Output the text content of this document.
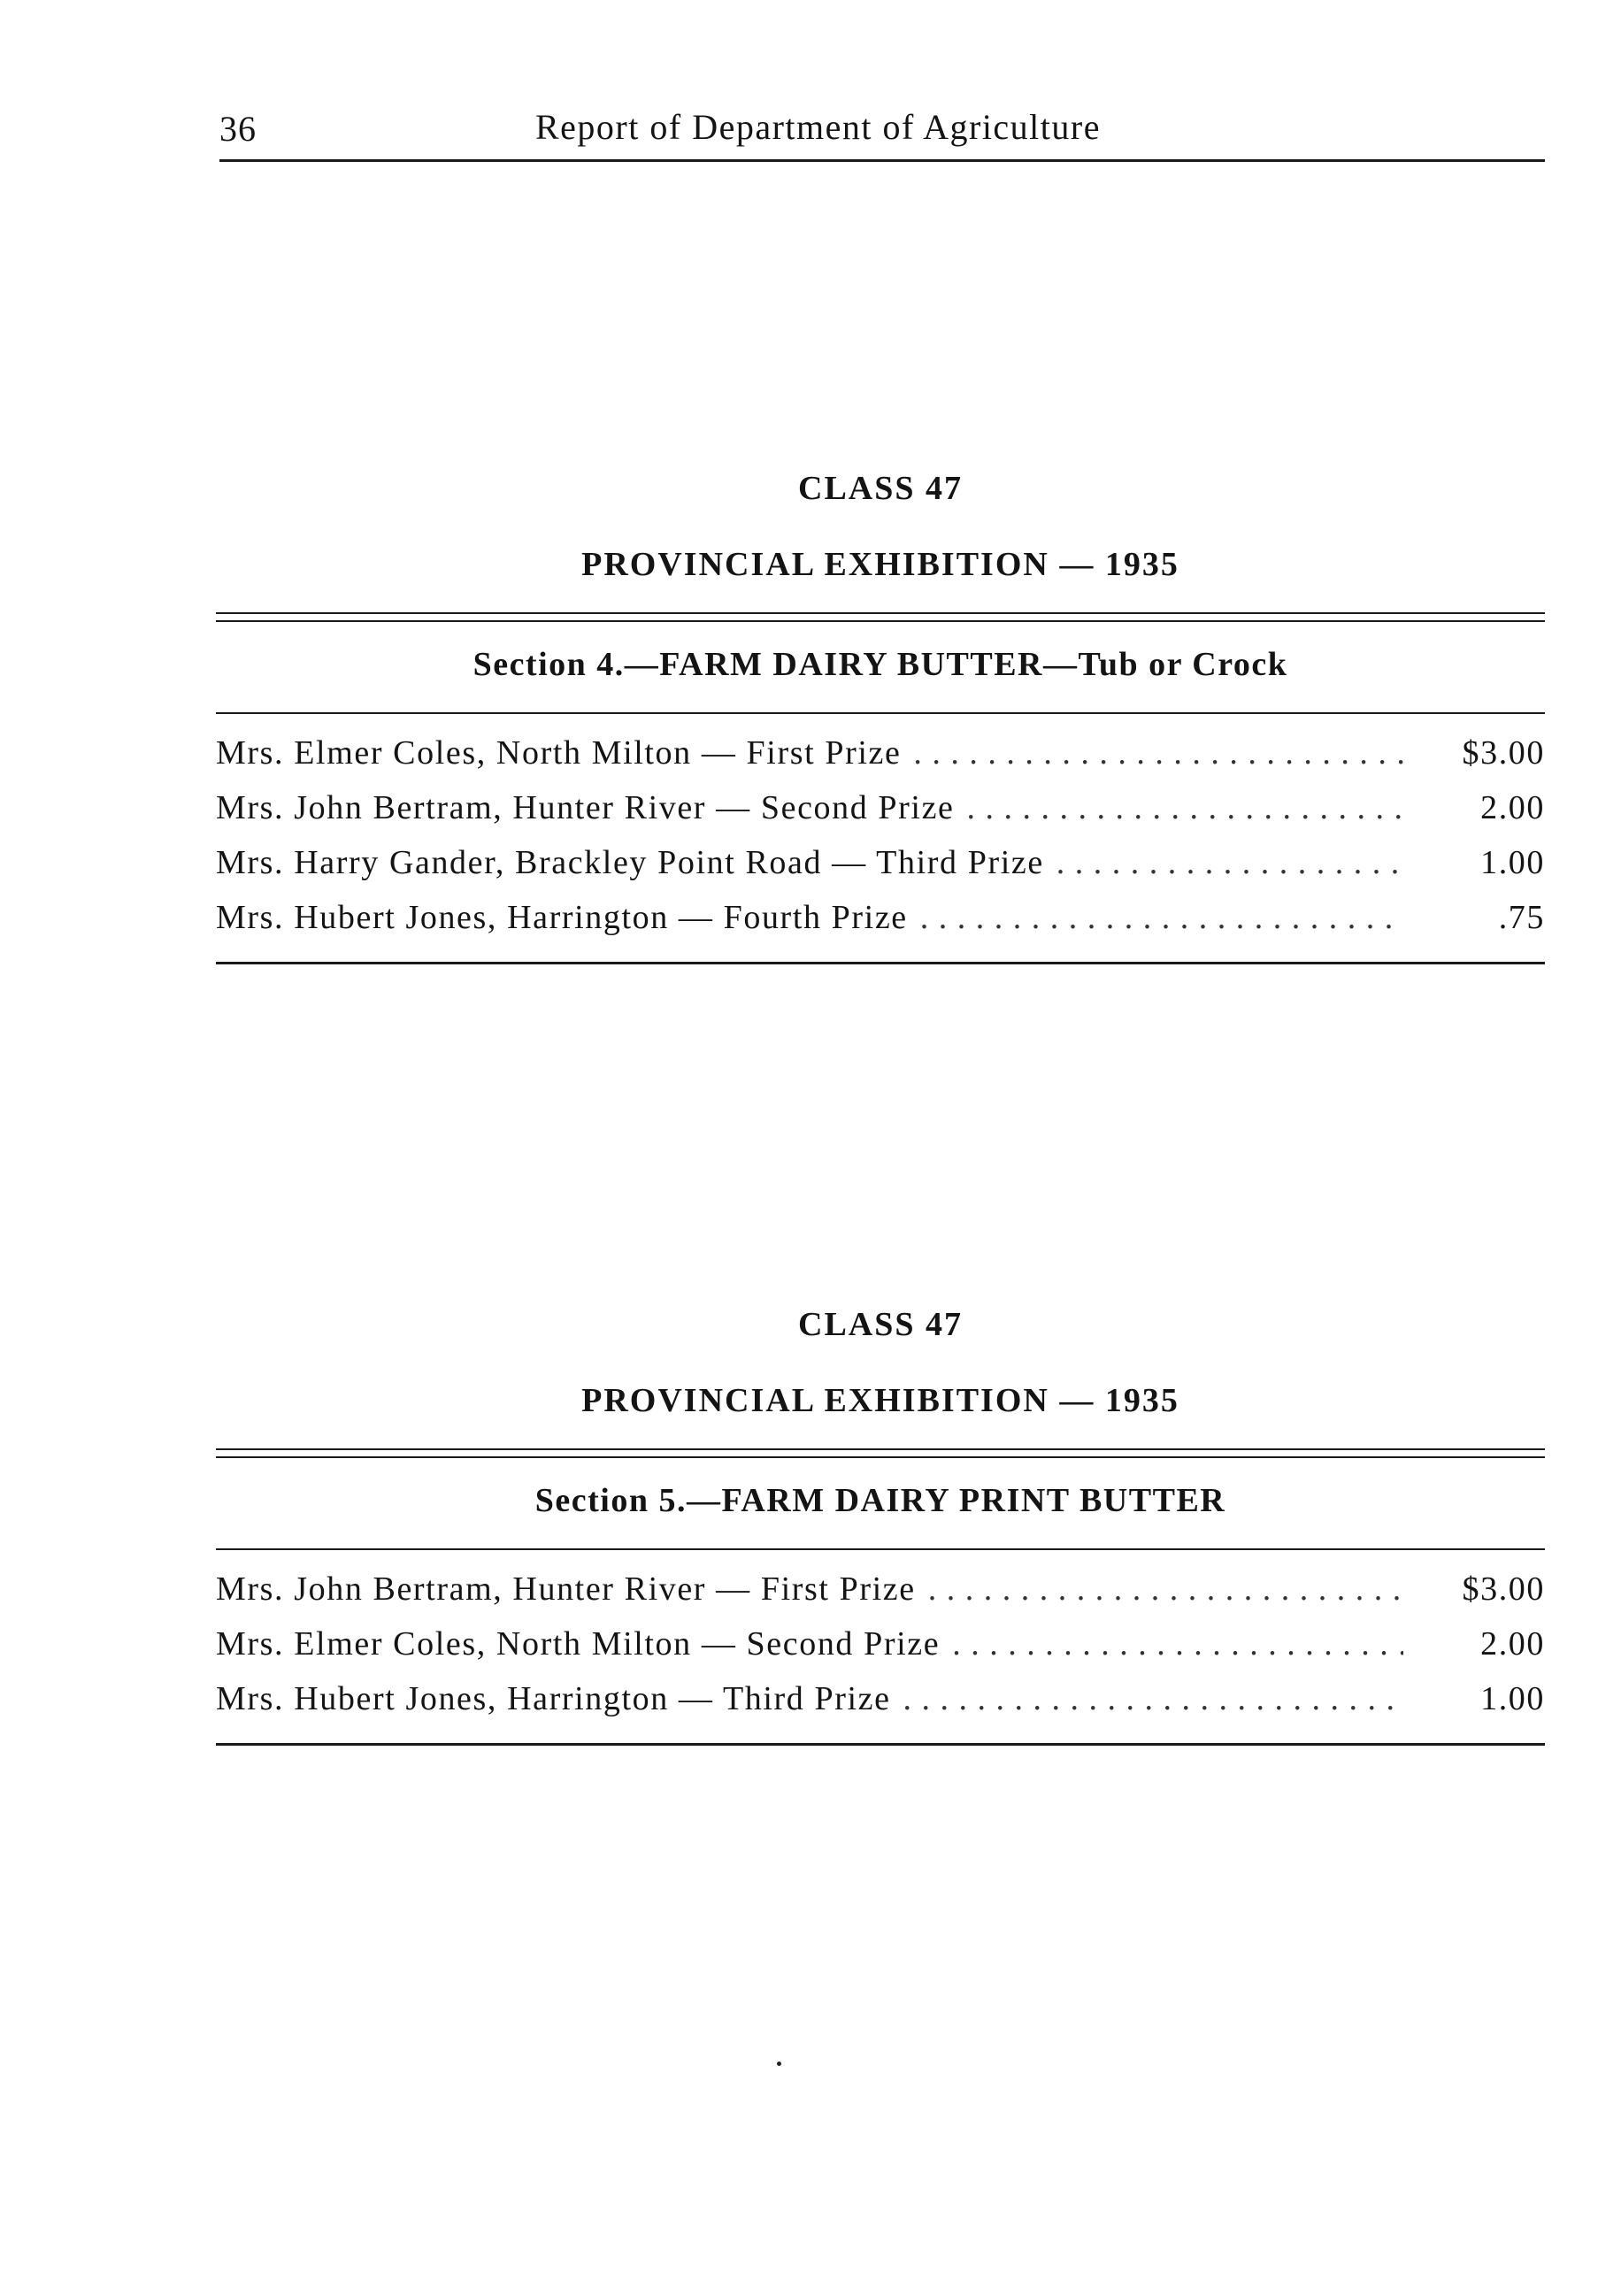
36	Report of Department of Agriculture
CLASS 47
PROVINCIAL EXHIBITION — 1935
Section 4.—FARM DAIRY BUTTER—Tub or Crock
Mrs. Elmer Coles, North Milton — First Prize . . .	$3.00
Mrs. John Bertram, Hunter River — Second Prize . . .	2.00
Mrs. Harry Gander, Brackley Point Road — Third Prize . . .	1.00
Mrs. Hubert Jones, Harrington — Fourth Prize . . .	.75
CLASS 47
PROVINCIAL EXHIBITION — 1935
Section 5.—FARM DAIRY PRINT BUTTER
Mrs. John Bertram, Hunter River — First Prize . . .	$3.00
Mrs. Elmer Coles, North Milton — Second Prize . . .	2.00
Mrs. Hubert Jones, Harrington — Third Prize . . .	1.00
